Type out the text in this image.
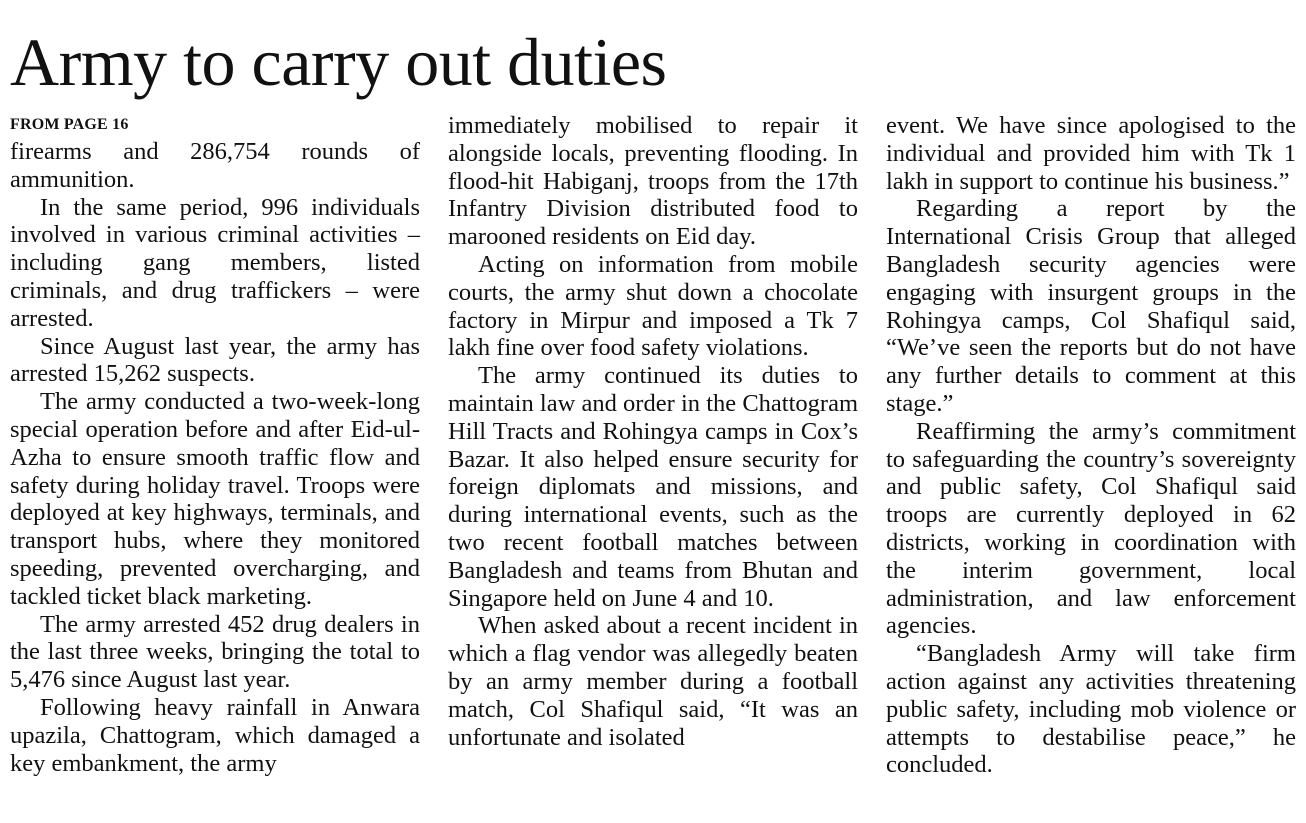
Army to carry out duties
FROM PAGE 16

firearms and 286,754 rounds of ammunition.

In the same period, 996 individuals involved in various criminal activities – including gang members, listed criminals, and drug traffickers – were arrested.

Since August last year, the army has arrested 15,262 suspects.

The army conducted a two-week-long special operation before and after Eid-ul-Azha to ensure smooth traffic flow and safety during holiday travel. Troops were deployed at key highways, terminals, and transport hubs, where they monitored speeding, prevented overcharging, and tackled ticket black marketing.

The army arrested 452 drug dealers in the last three weeks, bringing the total to 5,476 since August last year.

Following heavy rainfall in Anwara upazila, Chattogram, which damaged a key embankment, the army

immediately mobilised to repair it alongside locals, preventing flooding. In flood-hit Habiganj, troops from the 17th Infantry Division distributed food to marooned residents on Eid day.

Acting on information from mobile courts, the army shut down a chocolate factory in Mirpur and imposed a Tk 7 lakh fine over food safety violations.

The army continued its duties to maintain law and order in the Chattogram Hill Tracts and Rohingya camps in Cox’s Bazar. It also helped ensure security for foreign diplomats and missions, and during international events, such as the two recent football matches between Bangladesh and teams from Bhutan and Singapore held on June 4 and 10.

When asked about a recent incident in which a flag vendor was allegedly beaten by an army member during a football match, Col Shafiqul said, “It was an unfortunate and isolated

event. We have since apologised to the individual and provided him with Tk 1 lakh in support to continue his business.”

Regarding a report by the International Crisis Group that alleged Bangladesh security agencies were engaging with insurgent groups in the Rohingya camps, Col Shafiqul said, “We’ve seen the reports but do not have any further details to comment at this stage.”

Reaffirming the army’s commitment to safeguarding the country’s sovereignty and public safety, Col Shafiqul said troops are currently deployed in 62 districts, working in coordination with the interim government, local administration, and law enforcement agencies.

“Bangladesh Army will take firm action against any activities threatening public safety, including mob violence or attempts to destabilise peace,” he concluded.
